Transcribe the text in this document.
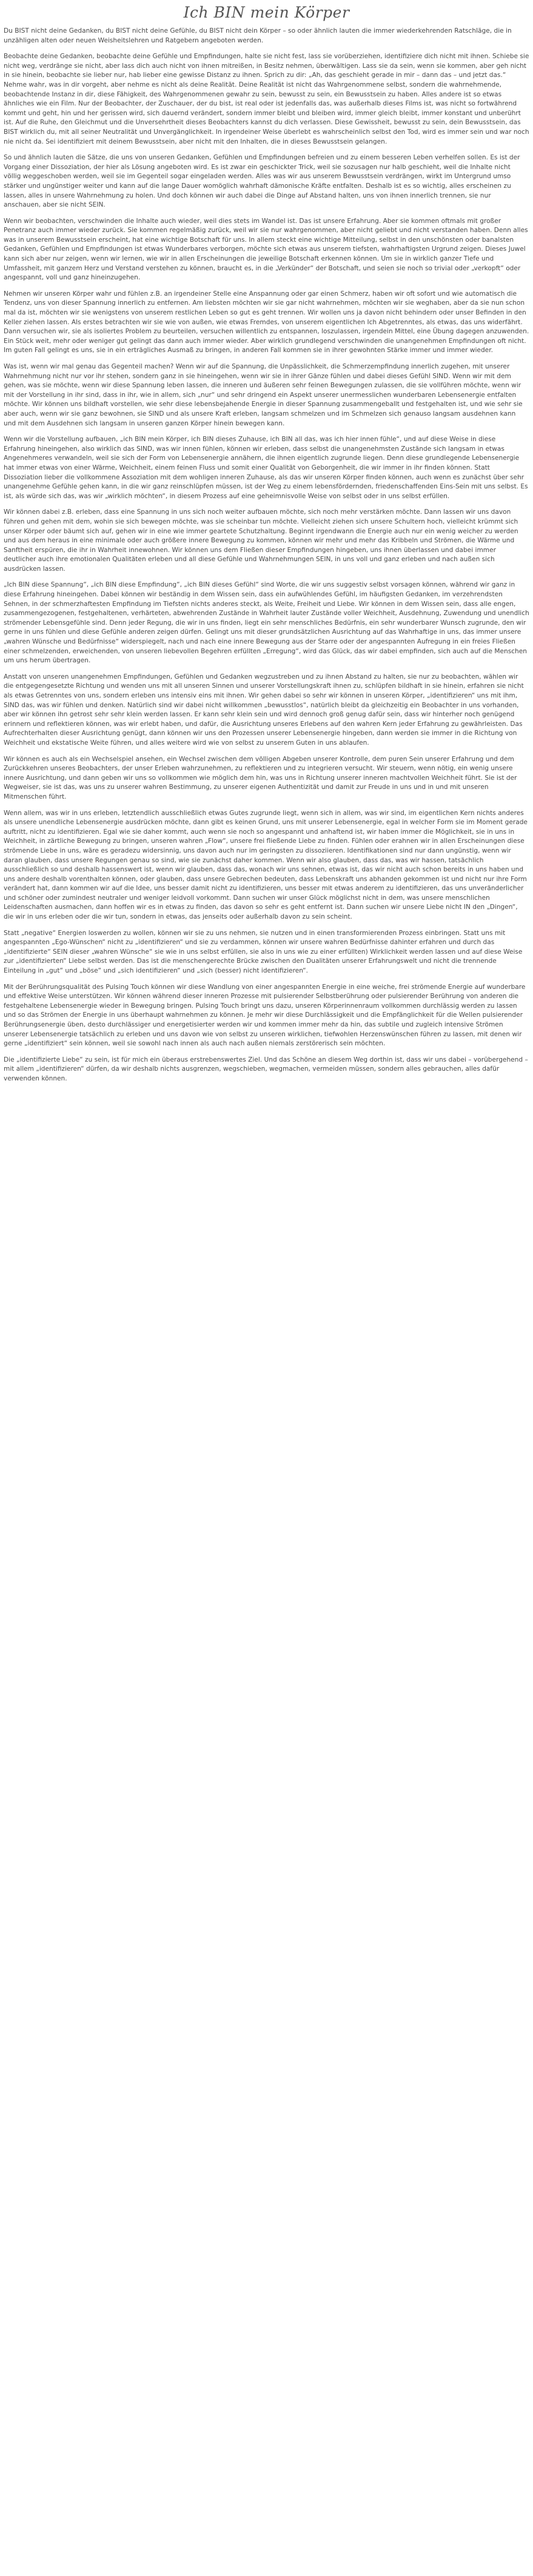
Ich BIN mein Körper

Du BIST nicht deine Gedanken, du BIST nicht deine Gefühle, du BIST nicht dein Körper – so oder ähnlich lauten die immer wiederkehrenden Ratschläge, die in unzähligen alten oder neuen Weisheitslehren und Ratgebern angeboten werden.

Beobachte deine Gedanken, beobachte deine Gefühle und Empfindungen, halte sie nicht fest, lass sie vorüberziehen, identifiziere dich nicht mit ihnen. Schiebe sie nicht weg, verdränge sie nicht, aber lass dich auch nicht von ihnen mitreißen, in Besitz nehmen, überwältigen. Lass sie da sein, wenn sie kommen, aber geh nicht in sie hinein, beobachte sie lieber nur, hab lieber eine gewisse Distanz zu ihnen. Sprich zu dir: „Ah, das geschieht gerade in mir – dann das – und jetzt das.“ Nehme wahr, was in dir vorgeht, aber nehme es nicht als deine Realität. Deine Realität ist nicht das Wahrgenommene selbst, sondern die wahrnehmende, beobachtende Instanz in dir, diese Fähigkeit, des Wahrgenommenen gewahr zu sein, bewusst zu sein, ein Bewusstsein zu haben. Alles andere ist so etwas ähnliches wie ein Film. Nur der Beobachter, der Zuschauer, der du bist, ist real oder ist jedenfalls das, was außerhalb dieses Films ist, was nicht so fortwährend kommt und geht, hin und her gerissen wird, sich dauernd verändert, sondern immer bleibt und bleiben wird, immer gleich bleibt, immer konstant und unberührt ist. Auf die Ruhe, den Gleichmut und die Unversehrtheit dieses Beobachters kannst du dich verlassen. Diese Gewissheit, bewusst zu sein, dein Bewusstsein, das BIST wirklich du, mit all seiner Neutralität und Unvergänglichkeit. In irgendeiner Weise überlebt es wahrscheinlich selbst den Tod, wird es immer sein und war noch nie nicht da. Sei identifiziert mit deinem Bewusstsein, aber nicht mit den Inhalten, die in dieses Bewusstsein gelangen.

So und ähnlich lauten die Sätze, die uns von unseren Gedanken, Gefühlen und Empfindungen befreien und zu einem besseren Leben verhelfen sollen. Es ist der Vorgang einer Dissoziation, der hier als Lösung angeboten wird. Es ist zwar ein geschickter Trick, weil sie sozusagen nur halb geschieht, weil die Inhalte nicht völlig weggeschoben werden, weil sie im Gegenteil sogar eingeladen werden. Alles was wir aus unserem Bewusstsein verdrängen, wirkt im Untergrund umso stärker und ungünstiger weiter und kann auf die lange Dauer womöglich wahrhaft dämonische Kräfte entfalten. Deshalb ist es so wichtig, alles erscheinen zu lassen, alles in unsere Wahrnehmung zu holen. Und doch können wir auch dabei die Dinge auf Abstand halten, uns von ihnen innerlich trennen, sie nur anschauen, aber sie nicht SEIN.

Wenn wir beobachten, verschwinden die Inhalte auch wieder, weil dies stets im Wandel ist. Das ist unsere Erfahrung. Aber sie kommen oftmals mit großer Penetranz auch immer wieder zurück. Sie kommen regelmäßig zurück, weil wir sie nur wahrgenommen, aber nicht geliebt und nicht verstanden haben. Denn alles was in unserem Bewusstsein erscheint, hat eine wichtige Botschaft für uns. In allem steckt eine wichtige Mitteilung, selbst in den unschönsten oder banalsten Gedanken, Gefühlen und Empfindungen ist etwas Wunderbares verborgen, möchte sich etwas aus unserem tiefsten, wahrhaftigsten Urgrund zeigen. Dieses Juwel kann sich aber nur zeigen, wenn wir lernen, wie wir in allen Erscheinungen die jeweilige Botschaft erkennen können. Um sie in wirklich ganzer Tiefe und Umfassheit, mit ganzem Herz und Verstand verstehen zu können, braucht es, in die „Verkünder“ der Botschaft, und seien sie noch so trivial oder „verkopft“ oder angespannt, voll und ganz hineinzugehen.

Nehmen wir unseren Körper wahr und fühlen z.B. an irgendeiner Stelle eine Anspannung oder gar einen Schmerz, haben wir oft sofort und wie automatisch die Tendenz, uns von dieser Spannung innerlich zu entfernen. Am liebsten möchten wir sie gar nicht wahrnehmen, möchten wir sie weghaben, aber da sie nun schon mal da ist, möchten wir sie wenigstens von unserem restlichen Leben so gut es geht trennen. Wir wollen uns ja davon nicht behindern oder unser Befinden in den Keller ziehen lassen. Als erstes betrachten wir sie wie von außen, wie etwas Fremdes, von unserem eigentlichen Ich Abgetrenntes, als etwas, das uns widerfährt. Dann versuchen wir, sie als isoliertes Problem zu beurteilen, versuchen willentlich zu entspannen, loszulassen, irgendein Mittel, eine Übung dagegen anzuwenden. Ein Stück weit, mehr oder weniger gut gelingt das dann auch immer wieder. Aber wirklich grundlegend verschwinden die unangenehmen Empfindungen oft nicht. Im guten Fall gelingt es uns, sie in ein erträgliches Ausmaß zu bringen, in anderen Fall kommen sie in ihrer gewohnten Stärke immer und immer wieder.

Was ist, wenn wir mal genau das Gegenteil machen? Wenn wir auf die Spannung, die Unpässlichkeit, die Schmerzempfindung innerlich zugehen, mit unserer Wahrnehmung nicht nur vor ihr stehen, sondern ganz in sie hineingehen, wenn wir sie in ihrer Gänze fühlen und dabei dieses Gefühl SIND. Wenn wir mit dem gehen, was sie möchte, wenn wir diese Spannung leben lassen, die inneren und äußeren sehr feinen Bewegungen zulassen, die sie vollführen möchte, wenn wir mit der Vorstellung in ihr sind, dass in ihr, wie in allem, sich „nur“ und sehr dringend ein Aspekt unserer unermesslichen wunderbaren Lebensenergie entfalten möchte. Wir können uns bildhaft vorstellen, wie sehr diese lebensbejahende Energie in dieser Spannung zusammengeballt und festgehalten ist, und wie sehr sie aber auch, wenn wir sie ganz bewohnen, sie SIND und als unsere Kraft erleben, langsam schmelzen und im Schmelzen sich genauso langsam ausdehnen kann und mit dem Ausdehnen sich langsam in unseren ganzen Körper hinein bewegen kann.

Wenn wir die Vorstellung aufbauen, „ich BIN mein Körper, ich BIN dieses Zuhause, ich BIN all das, was ich hier innen fühle“, und auf diese Weise in diese Erfahrung hineingehen, also wirklich das SIND, was wir innen fühlen, können wir erleben, dass selbst die unangenehmsten Zustände sich langsam in etwas Angenehmeres verwandeln, weil sie sich der Form von Lebensenergie annähern, die ihnen eigentlich zugrunde liegen. Denn diese grundlegende Lebensenergie hat immer etwas von einer Wärme, Weichheit, einem feinen Fluss und somit einer Qualität von Geborgenheit, die wir immer in ihr finden können. Statt Dissoziation lieber die vollkommene Assoziation mit dem wohligen inneren Zuhause, als das wir unseren Körper finden können, auch wenn es zunächst über sehr unangenehme Gefühle gehen kann, in die wir ganz reinschlüpfen müssen, ist der Weg zu einem lebensfördernden, friedenschaffenden Eins-Sein mit uns selbst. Es ist, als würde sich das, was wir „wirklich möchten“, in diesem Prozess auf eine geheimnisvolle Weise von selbst oder in uns selbst erfüllen.

Wir können dabei z.B. erleben, dass eine Spannung in uns sich noch weiter aufbauen möchte, sich noch mehr verstärken möchte. Dann lassen wir uns davon führen und gehen mit dem, wohin sie sich bewegen möchte, was sie scheinbar tun möchte. Vielleicht ziehen sich unsere Schultern hoch, vielleicht krümmt sich unser Körper oder bäumt sich auf, gehen wir in eine wie immer geartete Schutzhaltung. Beginnt irgendwann die Energie auch nur ein wenig weicher zu werden und aus dem heraus in eine minimale oder auch größere innere Bewegung zu kommen, können wir mehr und mehr das Kribbeln und Strömen, die Wärme und Sanftheit erspüren, die ihr in Wahrheit innewohnen. Wir können uns dem Fließen dieser Empfindungen hingeben, uns ihnen überlassen und dabei immer deutlicher auch ihre emotionalen Qualitäten erleben und all diese Gefühle und Wahrnehmungen SEIN, in uns voll und ganz erleben und nach außen sich ausdrücken lassen.

„Ich BIN diese Spannung“, „ich BIN diese Empfindung“, „ich BIN dieses Gefühl“ sind Worte, die wir uns suggestiv selbst vorsagen können, während wir ganz in diese Erfahrung hineingehen. Dabei können wir beständig in dem Wissen sein, dass ein aufwühlendes Gefühl, im häufigsten Gedanken, im verzehrendsten Sehnen, in der schmerzhaftesten Empfindung im Tiefsten nichts anderes steckt, als Weite, Freiheit und Liebe. Wir können in dem Wissen sein, dass alle engen, zusammengezogenen, festgehaltenen, verhärteten, abwehrenden Zustände in Wahrheit lauter Zustände voller Weichheit, Ausdehnung, Zuwendung und unendlich strömender Lebensgefühle sind. Denn jeder Regung, die wir in uns finden, liegt ein sehr menschliches Bedürfnis, ein sehr wunderbarer Wunsch zugrunde, den wir gerne in uns fühlen und diese Gefühle anderen zeigen dürfen. Gelingt uns mit dieser grundsätzlichen Ausrichtung auf das Wahrhaftige in uns, das immer unsere „wahren Wünsche und Bedürfnisse“ widerspiegelt, nach und nach eine innere Bewegung aus der Starre oder der angespannten Aufregung in ein freies Fließen einer schmelzenden, erweichenden, von unseren liebevollen Begehren erfüllten „Erregung“, wird das Glück, das wir dabei empfinden, sich auch auf die Menschen um uns herum übertragen.

Anstatt von unseren unangenehmen Empfindungen, Gefühlen und Gedanken wegzustreben und zu ihnen Abstand zu halten, sie nur zu beobachten, wählen wir die entgegengesetzte Richtung und wenden uns mit all unseren Sinnen und unserer Vorstellungskraft ihnen zu, schlüpfen bildhaft in sie hinein, erfahren sie nicht als etwas Getrenntes von uns, sondern erleben uns intensiv eins mit ihnen. Wir gehen dabei so sehr wir können in unseren Körper, „identifizieren“ uns mit ihm, SIND das, was wir fühlen und denken. Natürlich sind wir dabei nicht willkommen „bewusstlos“, natürlich bleibt da gleichzeitig ein Beobachter in uns vorhanden, aber wir können ihn getrost sehr sehr klein werden lassen. Er kann sehr klein sein und wird dennoch groß genug dafür sein, dass wir hinterher noch genügend erinnern und reflektieren können, was wir erlebt haben, und dafür, die Ausrichtung unseres Erlebens auf den wahren Kern jeder Erfahrung zu gewährleisten. Das Aufrechterhalten dieser Ausrichtung genügt, dann können wir uns den Prozessen unserer Lebensenergie hingeben, dann werden sie immer in die Richtung von Weichheit und ekstatische Weite führen, und alles weitere wird wie von selbst zu unserem Guten in uns ablaufen.

Wir können es auch als ein Wechselspiel ansehen, ein Wechsel zwischen dem völligen Abgeben unserer Kontrolle, dem puren Sein unserer Erfahrung und dem Zurückkehren unseres Beobachters, der unser Erleben wahrzunehmen, zu reflektieren und zu integrieren versucht. Wir steuern, wenn nötig, ein wenig unsere innere Ausrichtung, und dann geben wir uns so vollkommen wie möglich dem hin, was uns in Richtung unserer inneren machtvollen Weichheit führt. Sie ist der Wegweiser, sie ist das, was uns zu unserer wahren Bestimmung, zu unserer eigenen Authentizität und damit zur Freude in uns und in und mit unseren Mitmenschen führt.

Wenn allem, was wir in uns erleben, letztendlich ausschließlich etwas Gutes zugrunde liegt, wenn sich in allem, was wir sind, im eigentlichen Kern nichts anderes als unsere unendliche Lebensenergie ausdrücken möchte, dann gibt es keinen Grund, uns mit unserer Lebensenergie, egal in welcher Form sie im Moment gerade auftritt, nicht zu identifizieren. Egal wie sie daher kommt, auch wenn sie noch so angespannt und anhaftend ist, wir haben immer die Möglichkeit, sie in uns in Weichheit, in zärtliche Bewegung zu bringen, unseren wahren „Flow“, unsere frei fließende Liebe zu finden. Fühlen oder erahnen wir in allen Erscheinungen diese strömende Liebe in uns, wäre es geradezu widersinnig, uns davon auch nur im geringsten zu dissoziieren. Identifikationen sind nur dann ungünstig, wenn wir daran glauben, dass unsere Regungen genau so sind, wie sie zunächst daher kommen. Wenn wir also glauben, dass das, was wir hassen, tatsächlich ausschließlich so und deshalb hassenswert ist, wenn wir glauben, dass das, wonach wir uns sehnen, etwas ist, das wir nicht auch schon bereits in uns haben und uns andere deshalb vorenthalten können, oder glauben, dass unsere Gebrechen bedeuten, dass Lebenskraft uns abhanden gekommen ist und nicht nur ihre Form verändert hat, dann kommen wir auf die Idee, uns besser damit nicht zu identifizieren, uns besser mit etwas anderem zu identifizieren, das uns unveränderlicher und schöner oder zumindest neutraler und weniger leidvoll vorkommt. Dann suchen wir unser Glück möglichst nicht in dem, was unsere menschlichen Leidenschaften ausmachen, dann hoffen wir es in etwas zu finden, das davon so sehr es geht entfernt ist. Dann suchen wir unsere Liebe nicht IN den „Dingen“, die wir in uns erleben oder die wir tun, sondern in etwas, das jenseits oder außerhalb davon zu sein scheint.

Statt „negative“ Energien loswerden zu wollen, können wir sie zu uns nehmen, sie nutzen und in einen transformierenden Prozess einbringen. Statt uns mit angespannten „Ego-Wünschen“ nicht zu „identifizieren“ und sie zu verdammen, können wir unsere wahren Bedürfnisse dahinter erfahren und durch das „identifizierte“ SEIN dieser „wahren Wünsche“ sie wie in uns selbst erfüllen, sie also in uns wie zu einer erfüllten) Wirklichkeit werden lassen und auf diese Weise zur „identifizierten“ Liebe selbst werden. Das ist die menschengerechte Brücke zwischen den Dualitäten unserer Erfahrungswelt und nicht die trennende Einteilung in „gut“ und „böse“ und „sich identifizieren“ und „sich (besser) nicht identifizieren“.

Mit der Berührungsqualität des Pulsing Touch können wir diese Wandlung von einer angespannten Energie in eine weiche, frei strömende Energie auf wunderbare und effektive Weise unterstützen. Wir können während dieser inneren Prozesse mit pulsierender Selbstberührung oder pulsierender Berührung von anderen die festgehaltene Lebensenergie wieder in Bewegung bringen. Pulsing Touch bringt uns dazu, unseren Körperinnenraum vollkommen durchlässig werden zu lassen und so das Strömen der Energie in uns überhaupt wahrnehmen zu können. Je mehr wir diese Durchlässigkeit und die Empfänglichkeit für die Wellen pulsierender Berührungsenergie üben, desto durchlässiger und energetisierter werden wir und kommen immer mehr da hin, das subtile und zugleich intensive Strömen unserer Lebensenergie tatsächlich zu erleben und uns davon wie von selbst zu unseren wirklichen, tiefwohlen Herzenswünschen führen zu lassen, mit denen wir gerne „identifiziert“ sein können, weil sie sowohl nach innen als auch nach außen niemals zerstörerisch sein möchten.

Die „identifizierte Liebe“ zu sein, ist für mich ein überaus erstrebenswertes Ziel. Und das Schöne an diesem Weg dorthin ist, dass wir uns dabei – vorübergehend – mit allem „identifizieren“ dürfen, da wir deshalb nichts ausgrenzen, wegschieben, wegmachen, vermeiden müssen, sondern alles gebrauchen, alles dafür verwenden können.
